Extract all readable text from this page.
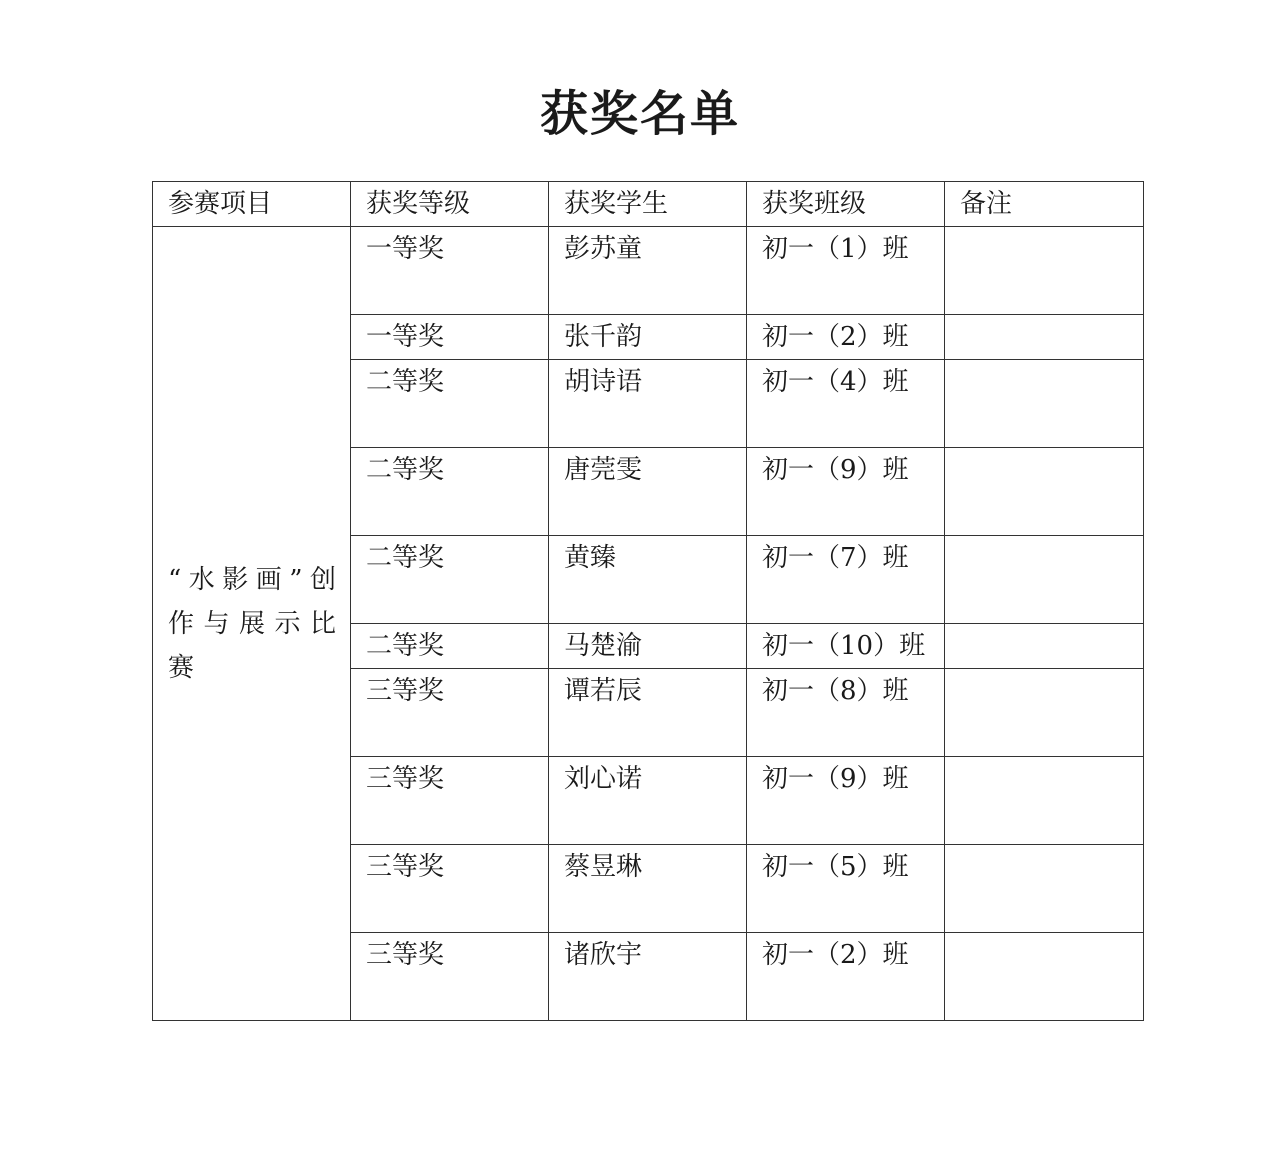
获奖名单
参赛项目	获奖等级	获奖学生	获奖班级	备注
“水影画”创作与展示比赛	一等奖	彭苏童	初一（1）班	
	一等奖	张千韵	初一（2）班	
	二等奖	胡诗语	初一（4）班	
	二等奖	唐莞雯	初一（9）班	
	二等奖	黄臻	初一（7）班	
	二等奖	马楚渝	初一（10）班	
	三等奖	谭若辰	初一（8）班	
	三等奖	刘心诺	初一（9）班	
	三等奖	蔡昱琳	初一（5）班	
	三等奖	诸欣宇	初一（2）班	
